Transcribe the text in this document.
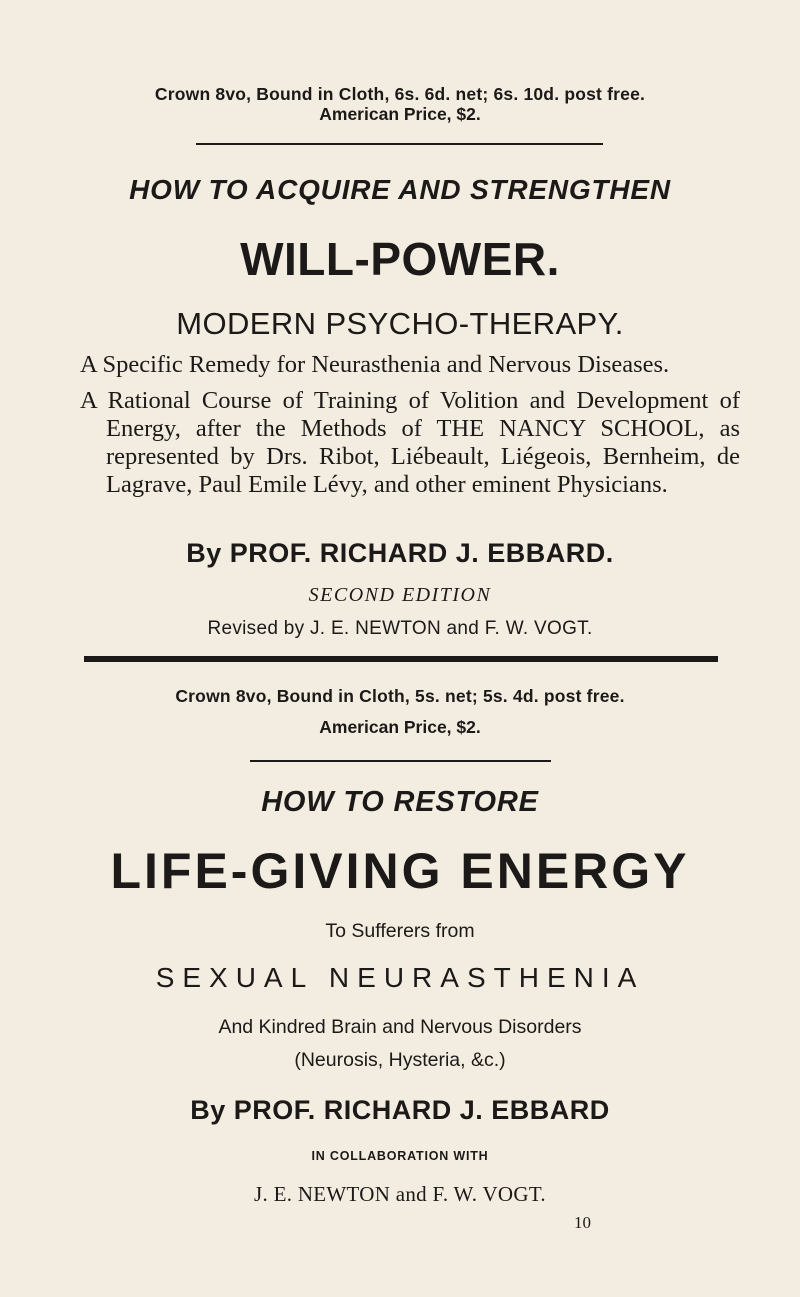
Crown 8vo, Bound in Cloth, 6s. 6d. net; 6s. 10d. post free.
American Price, $2.
HOW TO ACQUIRE AND STRENGTHEN
WILL-POWER.
MODERN PSYCHO-THERAPY.

A Specific Remedy for Neurasthenia and Nervous Diseases.

A Rational Course of Training of Volition and Development of Energy, after the Methods of THE NANCY SCHOOL, as represented by Drs. Ribot, Liébeault, Liégeois, Bernheim, de Lagrave, Paul Emile Lévy, and other eminent Physicians.

By PROF. RICHARD J. EBBARD.
SECOND EDITION
Revised by J. E. NEWTON and F. W. VOGT.
Crown 8vo, Bound in Cloth, 5s. net; 5s. 4d. post free.
American Price, $2.
HOW TO RESTORE
LIFE-GIVING ENERGY
To Sufferers from
SEXUAL NEURASTHENIA
And Kindred Brain and Nervous Disorders
(Neurosis, Hysteria, &c.)
By PROF. RICHARD J. EBBARD
IN COLLABORATION WITH
J. E. NEWTON and F. W. VOGT.
10
